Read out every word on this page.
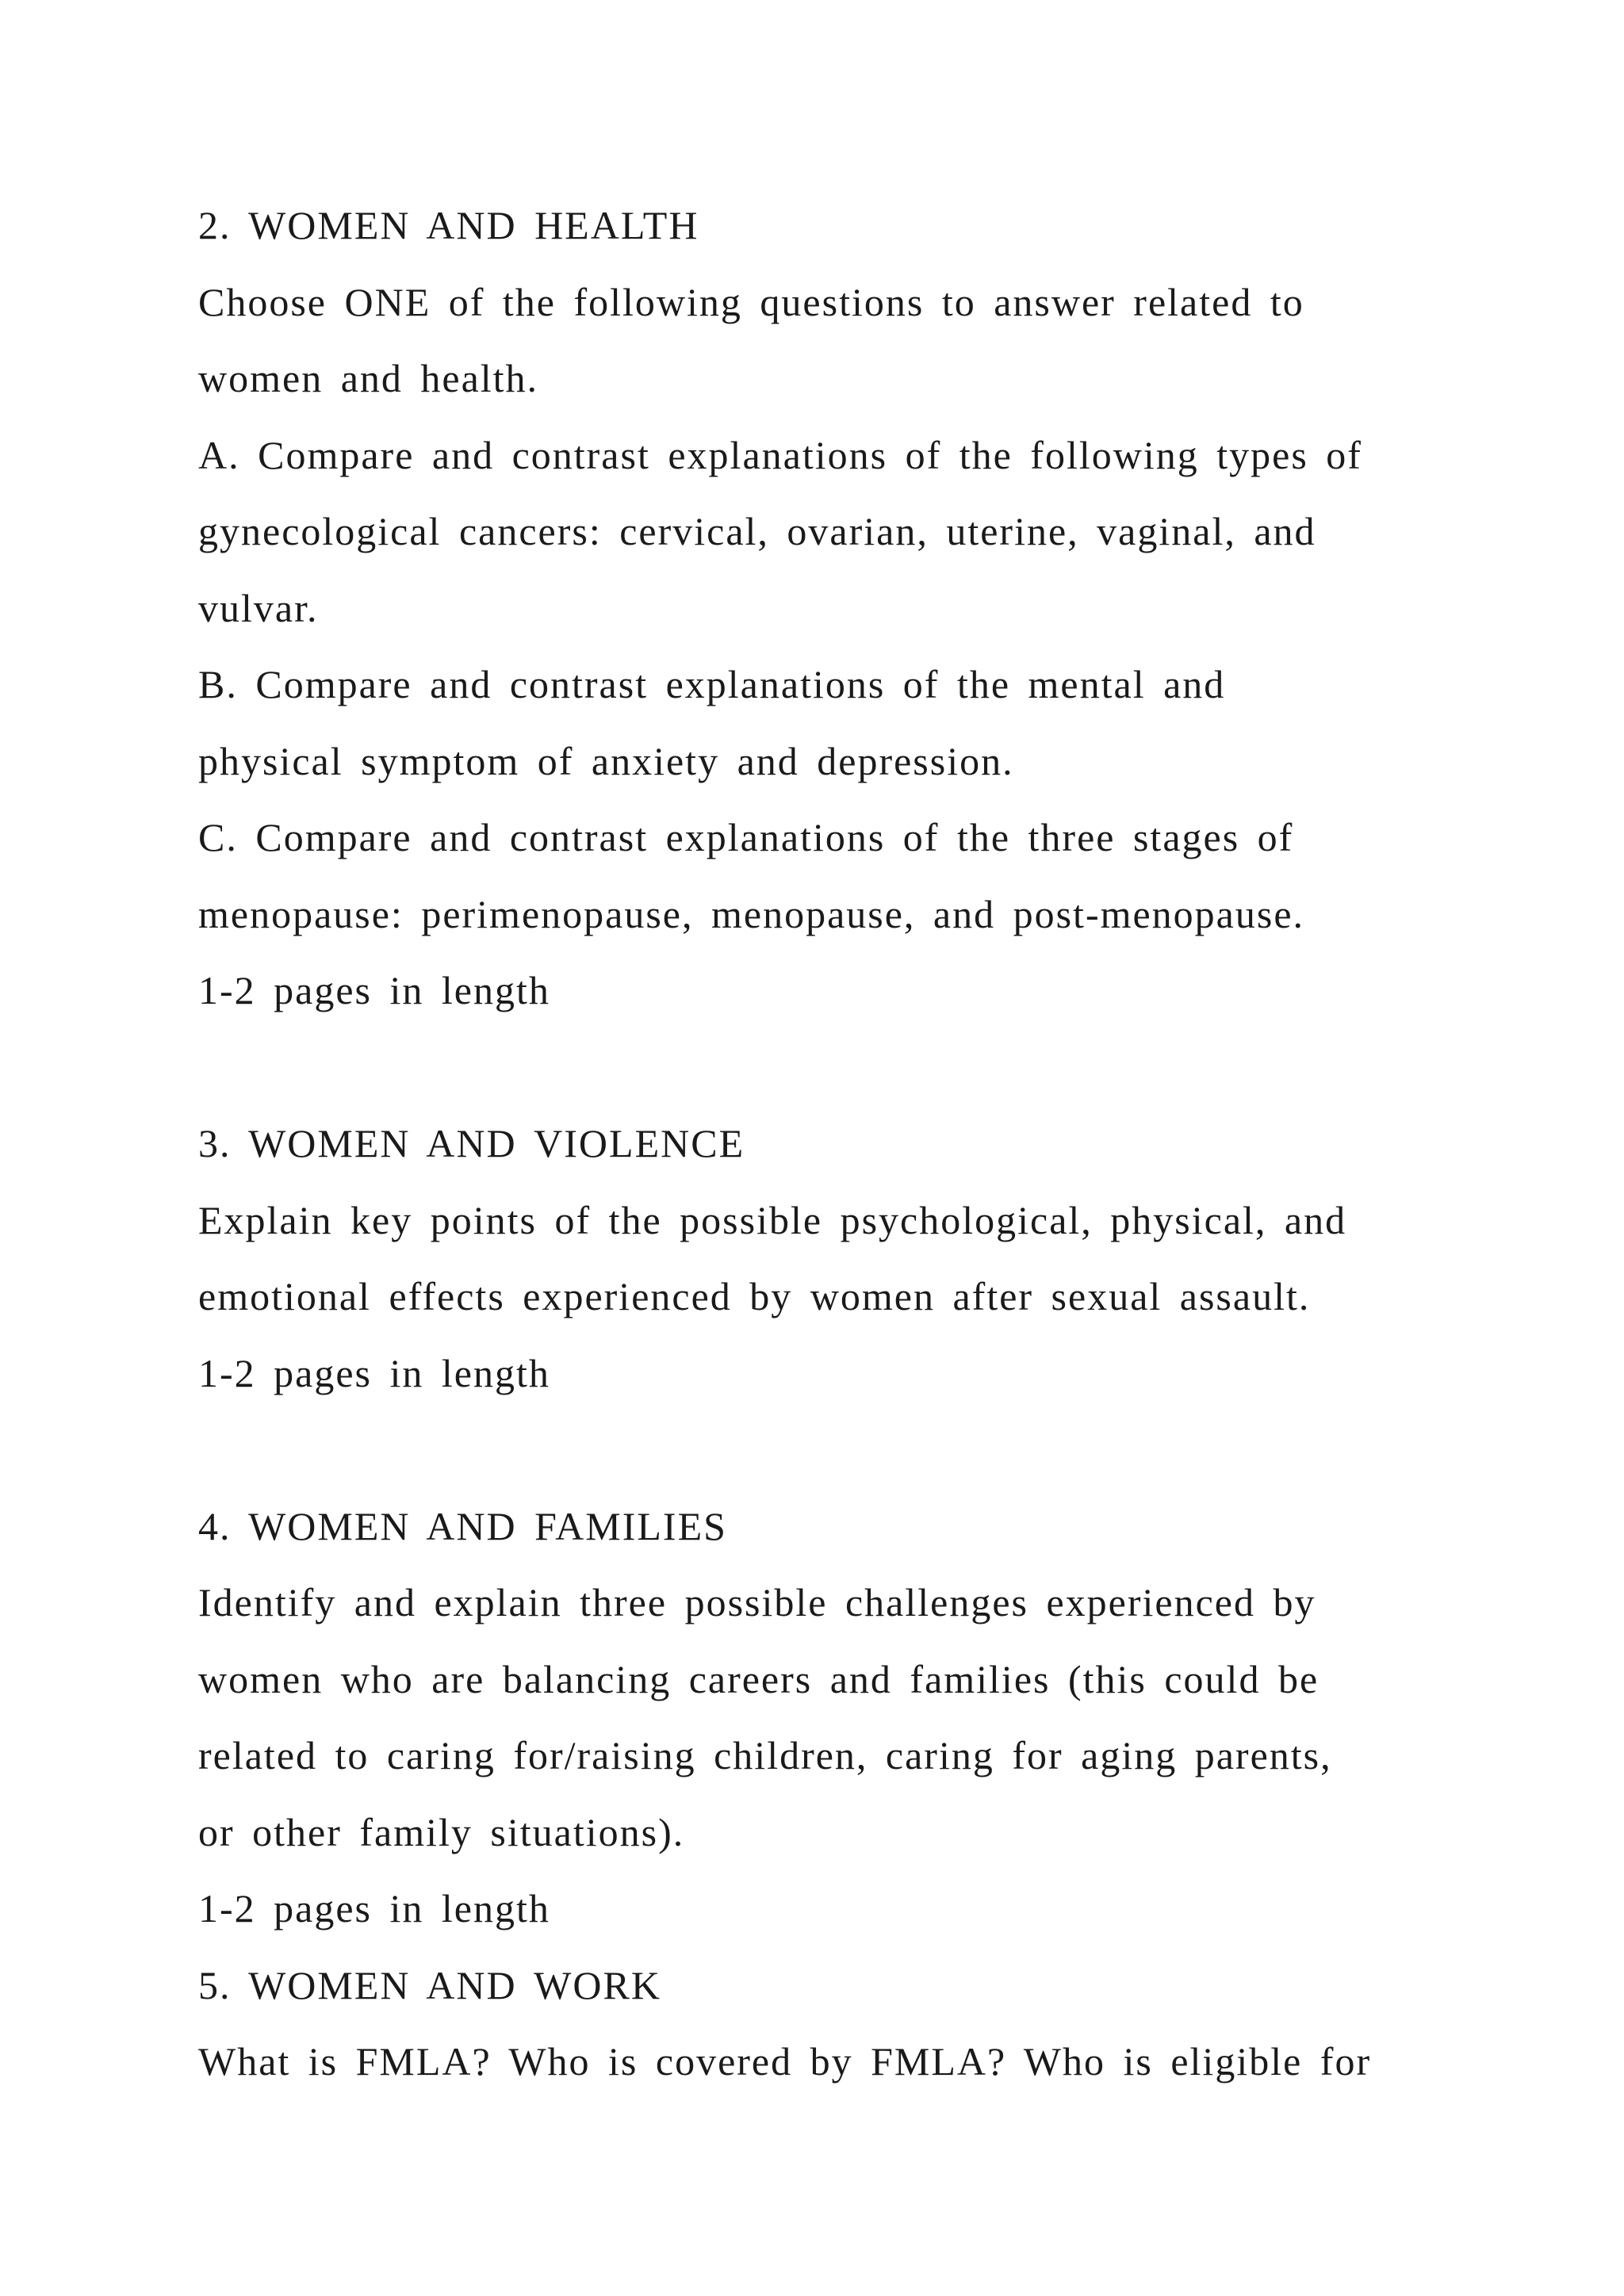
2. WOMEN AND HEALTH
Choose ONE of the following questions to answer related to
women and health.
A. Compare and contrast explanations of the following types of
gynecological cancers: cervical, ovarian, uterine, vaginal, and
vulvar.
B. Compare and contrast explanations of the mental and
physical symptom of anxiety and depression.
C. Compare and contrast explanations of the three stages of
menopause: perimenopause, menopause, and post-menopause.
1-2 pages in length
3. WOMEN AND VIOLENCE
Explain key points of the possible psychological, physical, and
emotional effects experienced by women after sexual assault.
1-2 pages in length
4. WOMEN AND FAMILIES
Identify and explain three possible challenges experienced by
women who are balancing careers and families (this could be
related to caring for/raising children, caring for aging parents,
or other family situations).
1-2 pages in length
5. WOMEN AND WORK
What is FMLA? Who is covered by FMLA? Who is eligible for
